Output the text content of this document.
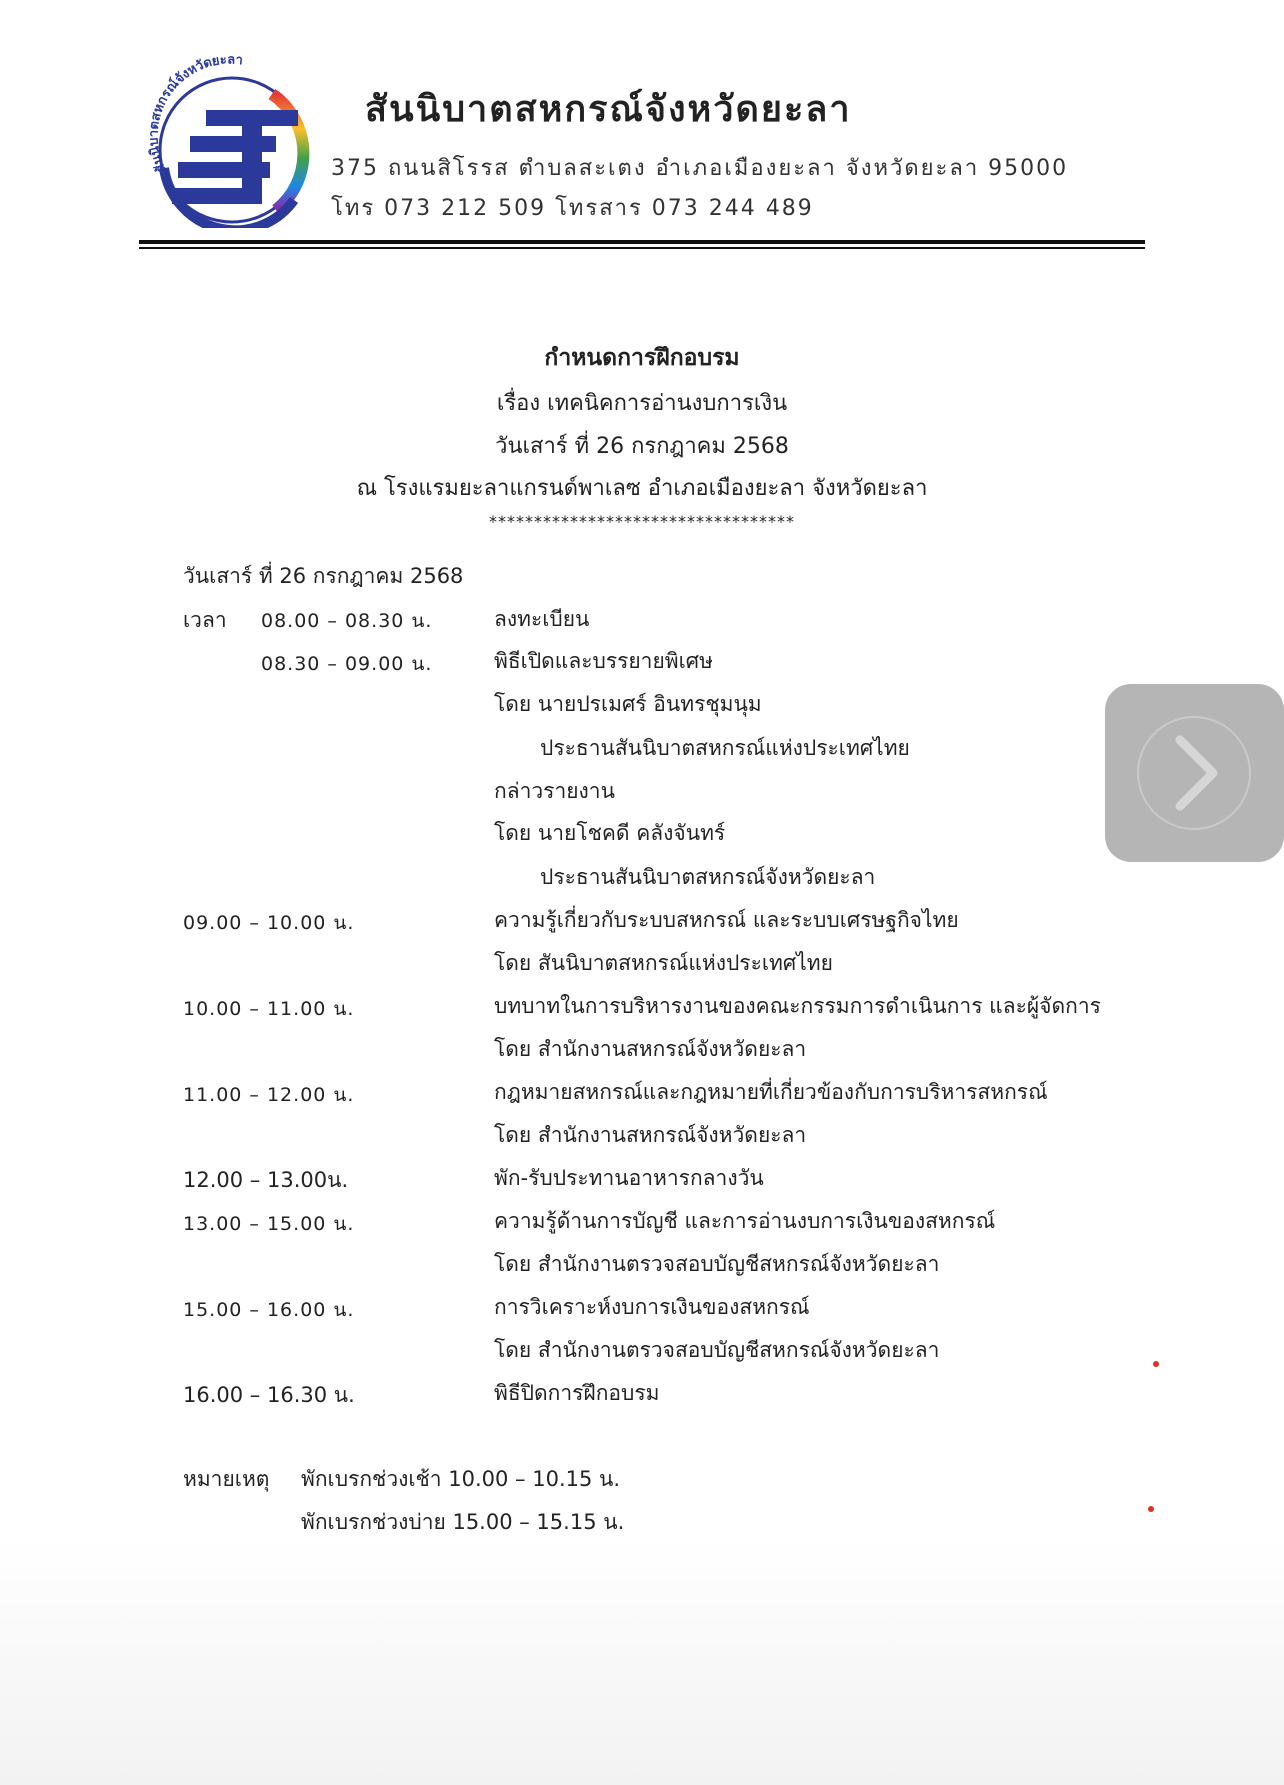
สันนิบาตสหกรณ์จังหวัดยะลา
สันนิบาตสหกรณ์จังหวัดยะลา
375 ถนนสิโรรส ตำบลสะเตง อำเภอเมืองยะลา จังหวัดยะลา 95000
โทร 073 212 509 โทรสาร 073 244 489
กำหนดการฝึกอบรม
เรื่อง เทคนิคการอ่านงบการเงิน
วันเสาร์ ที่ 26 กรกฎาคม 2568
ณ โรงแรมยะลาแกรนด์พาเลซ อำเภอเมืองยะลา จังหวัดยะลา
**********************************
วันเสาร์ ที่ 26 กรกฎาคม 2568
เวลา 08.00 – 08.30 น.	ลงทะเบียน
08.30 – 09.00 น.	พิธีเปิดและบรรยายพิเศษ
โดย นายปรเมศร์ อินทรชุมนุม
ประธานสันนิบาตสหกรณ์แห่งประเทศไทย
กล่าวรายงาน
โดย นายโชคดี คลังจันทร์
ประธานสันนิบาตสหกรณ์จังหวัดยะลา
09.00 – 10.00 น.	ความรู้เกี่ยวกับระบบสหกรณ์ และระบบเศรษฐกิจไทย
โดย สันนิบาตสหกรณ์แห่งประเทศไทย
10.00 – 11.00 น.	บทบาทในการบริหารงานของคณะกรรมการดำเนินการ และผู้จัดการ
โดย สำนักงานสหกรณ์จังหวัดยะลา
11.00 – 12.00 น.	กฎหมายสหกรณ์และกฎหมายที่เกี่ยวข้องกับการบริหารสหกรณ์
โดย สำนักงานสหกรณ์จังหวัดยะลา
12.00 – 13.00น.	พัก-รับประทานอาหารกลางวัน
13.00 – 15.00 น.	ความรู้ด้านการบัญชี และการอ่านงบการเงินของสหกรณ์
โดย สำนักงานตรวจสอบบัญชีสหกรณ์จังหวัดยะลา
15.00 – 16.00 น.	การวิเคราะห์งบการเงินของสหกรณ์
โดย สำนักงานตรวจสอบบัญชีสหกรณ์จังหวัดยะลา
16.00 – 16.30 น.	พิธีปิดการฝึกอบรม
หมายเหตุ พักเบรกช่วงเช้า 10.00 – 10.15 น.
พักเบรกช่วงบ่าย 15.00 – 15.15 น.
